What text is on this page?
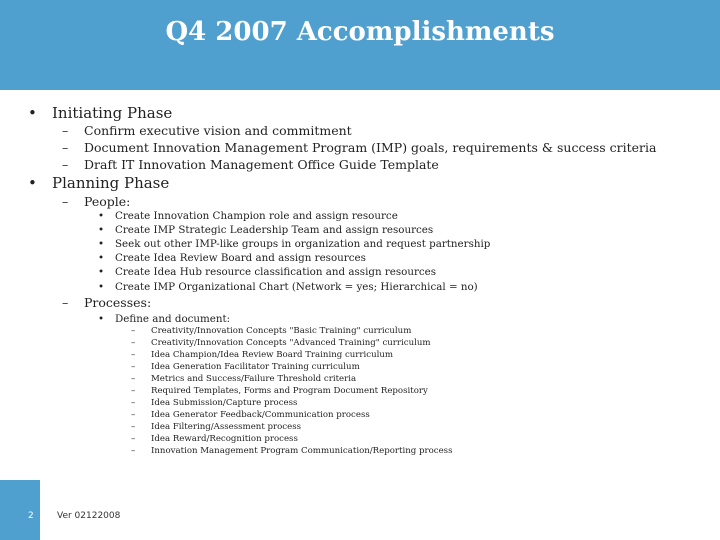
Q4 2007 Accomplishments
• Initiating Phase
– Confirm executive vision and commitment
– Document Innovation Management Program (IMP) goals, requirements & success criteria
– Draft IT Innovation Management Office Guide Template
• Planning Phase
– People:
• Create Innovation Champion role and assign resource
• Create IMP Strategic Leadership Team and assign resources
• Seek out other IMP-like groups in organization and request partnership
• Create Idea Review Board and assign resources
• Create Idea Hub resource classification and assign resources
• Create IMP Organizational Chart (Network = yes; Hierarchical = no)
– Processes:
• Define and document:
– Creativity/Innovation Concepts "Basic Training" curriculum
– Creativity/Innovation Concepts "Advanced Training" curriculum
– Idea Champion/Idea Review Board Training curriculum
– Idea Generation Facilitator Training curriculum
– Metrics and Success/Failure Threshold criteria
– Required Templates, Forms and Program Document Repository
– Idea Submission/Capture process
– Idea Generator Feedback/Communication process
– Idea Filtering/Assessment process
– Idea Reward/Recognition process
– Innovation Management Program Communication/Reporting process
2	Ver 02122008
